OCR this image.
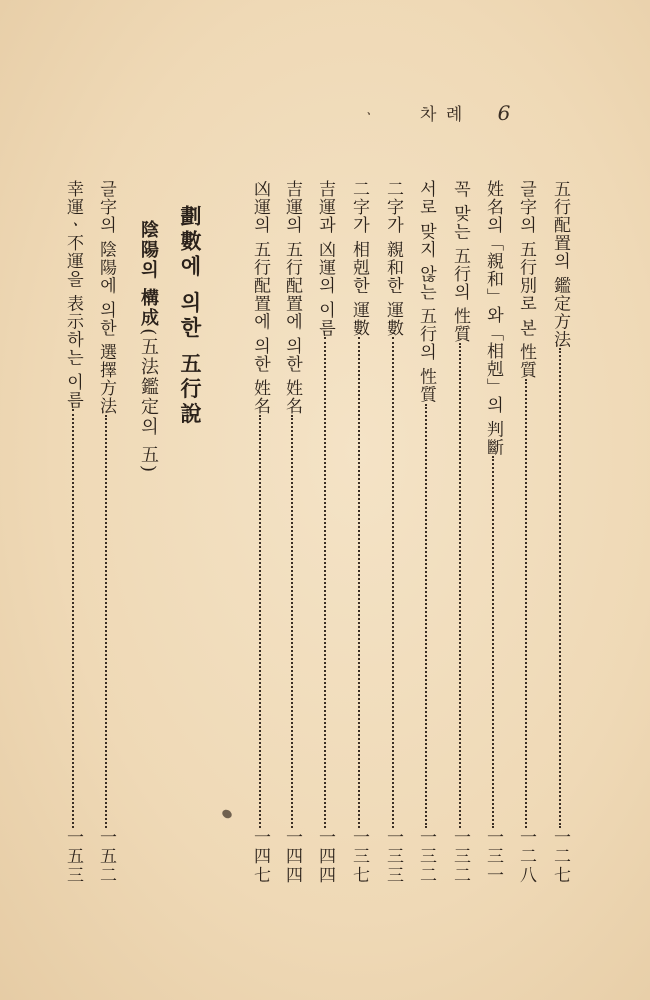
ㆍ	차 례 6
五行配置의 鑑定方法
一二七
글字의 五行別로 본 性質
一二八
姓名의「親和」와「相剋」의 判斷
一三一
꼭 맞는 五行의 性質
一三二
서로 맞지 않는 五行의 性質
一三二
二字가 親和한 運數
一三三
二字가 相剋한 運數
一三七
吉運과 凶運의 이름
一四四
吉運의 五行配置에 의한 姓名
一四四
凶運의 五行配置에 의한 姓名
一四七
劃數에 의한 五行說
陰陽의 構成(五法鑑定의 五)
글字의 陰陽에 의한 選擇方法
一五二
幸運ㆍ不運을 表示하는 이름
一五三
